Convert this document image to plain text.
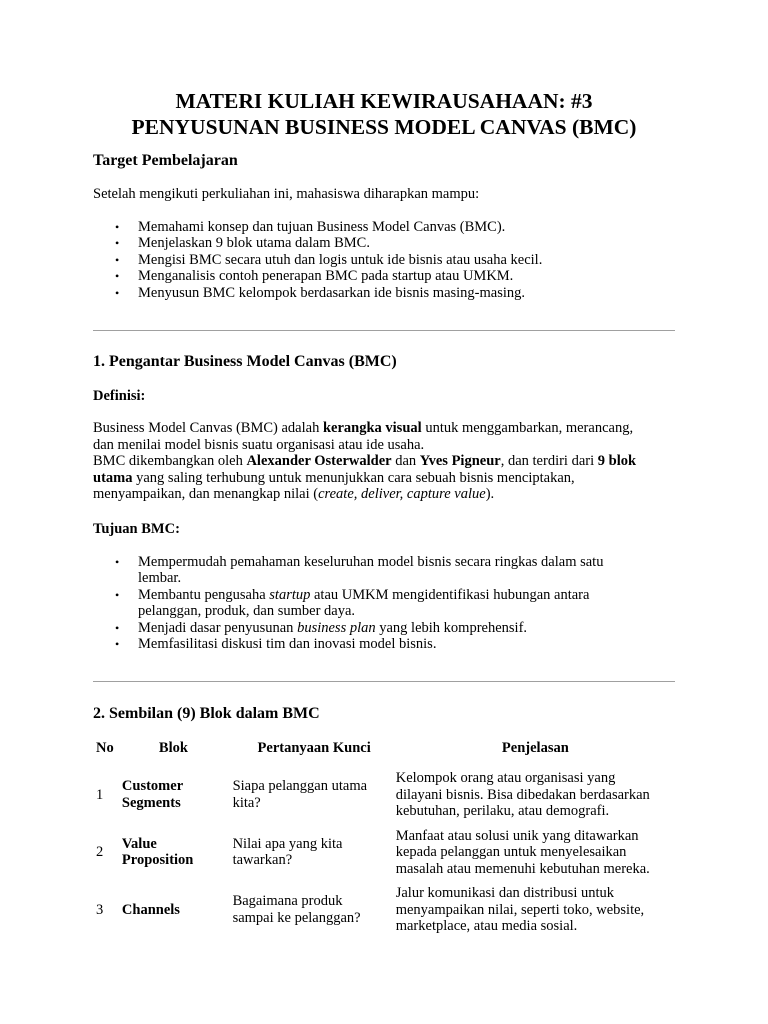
MATERI KULIAH KEWIRAUSAHAAN: #3
PENYUSUNAN BUSINESS MODEL CANVAS (BMC)
Target Pembelajaran

Setelah mengikuti perkuliahan ini, mahasiswa diharapkan mampu:

• Memahami konsep dan tujuan Business Model Canvas (BMC).
• Menjelaskan 9 blok utama dalam BMC.
• Mengisi BMC secara utuh dan logis untuk ide bisnis atau usaha kecil.
• Menganalisis contoh penerapan BMC pada startup atau UMKM.
• Menyusun BMC kelompok berdasarkan ide bisnis masing-masing.
1. Pengantar Business Model Canvas (BMC)
Definisi:

Business Model Canvas (BMC) adalah kerangka visual untuk menggambarkan, merancang,
dan menilai model bisnis suatu organisasi atau ide usaha.
BMC dikembangkan oleh Alexander Osterwalder dan Yves Pigneur, dan terdiri dari 9 blok
utama yang saling terhubung untuk menunjukkan cara sebuah bisnis menciptakan,
menyampaikan, dan menangkap nilai (create, deliver, capture value).

Tujuan BMC:
• Mempermudah pemahaman keseluruhan model bisnis secara ringkas dalam satu
lembar.
• Membantu pengusaha startup atau UMKM mengidentifikasi hubungan antara
pelanggan, produk, dan sumber daya.
• Menjadi dasar penyusunan business plan yang lebih komprehensif.
• Memfasilitasi diskusi tim dan inovasi model bisnis.
2. Sembilan (9) Blok dalam BMC
No	Blok	Pertanyaan Kunci	Penjelasan
1	Customer
Segments	Siapa pelanggan utama
kita?	Kelompok orang atau organisasi yang
dilayani bisnis. Bisa dibedakan berdasarkan
kebutuhan, perilaku, atau demografi.
2	Value
Proposition	Nilai apa yang kita
tawarkan?	Manfaat atau solusi unik yang ditawarkan
kepada pelanggan untuk menyelesaikan
masalah atau memenuhi kebutuhan mereka.
3	Channels	Bagaimana produk
sampai ke pelanggan?	Jalur komunikasi dan distribusi untuk
menyampaikan nilai, seperti toko, website,
marketplace, atau media sosial.
